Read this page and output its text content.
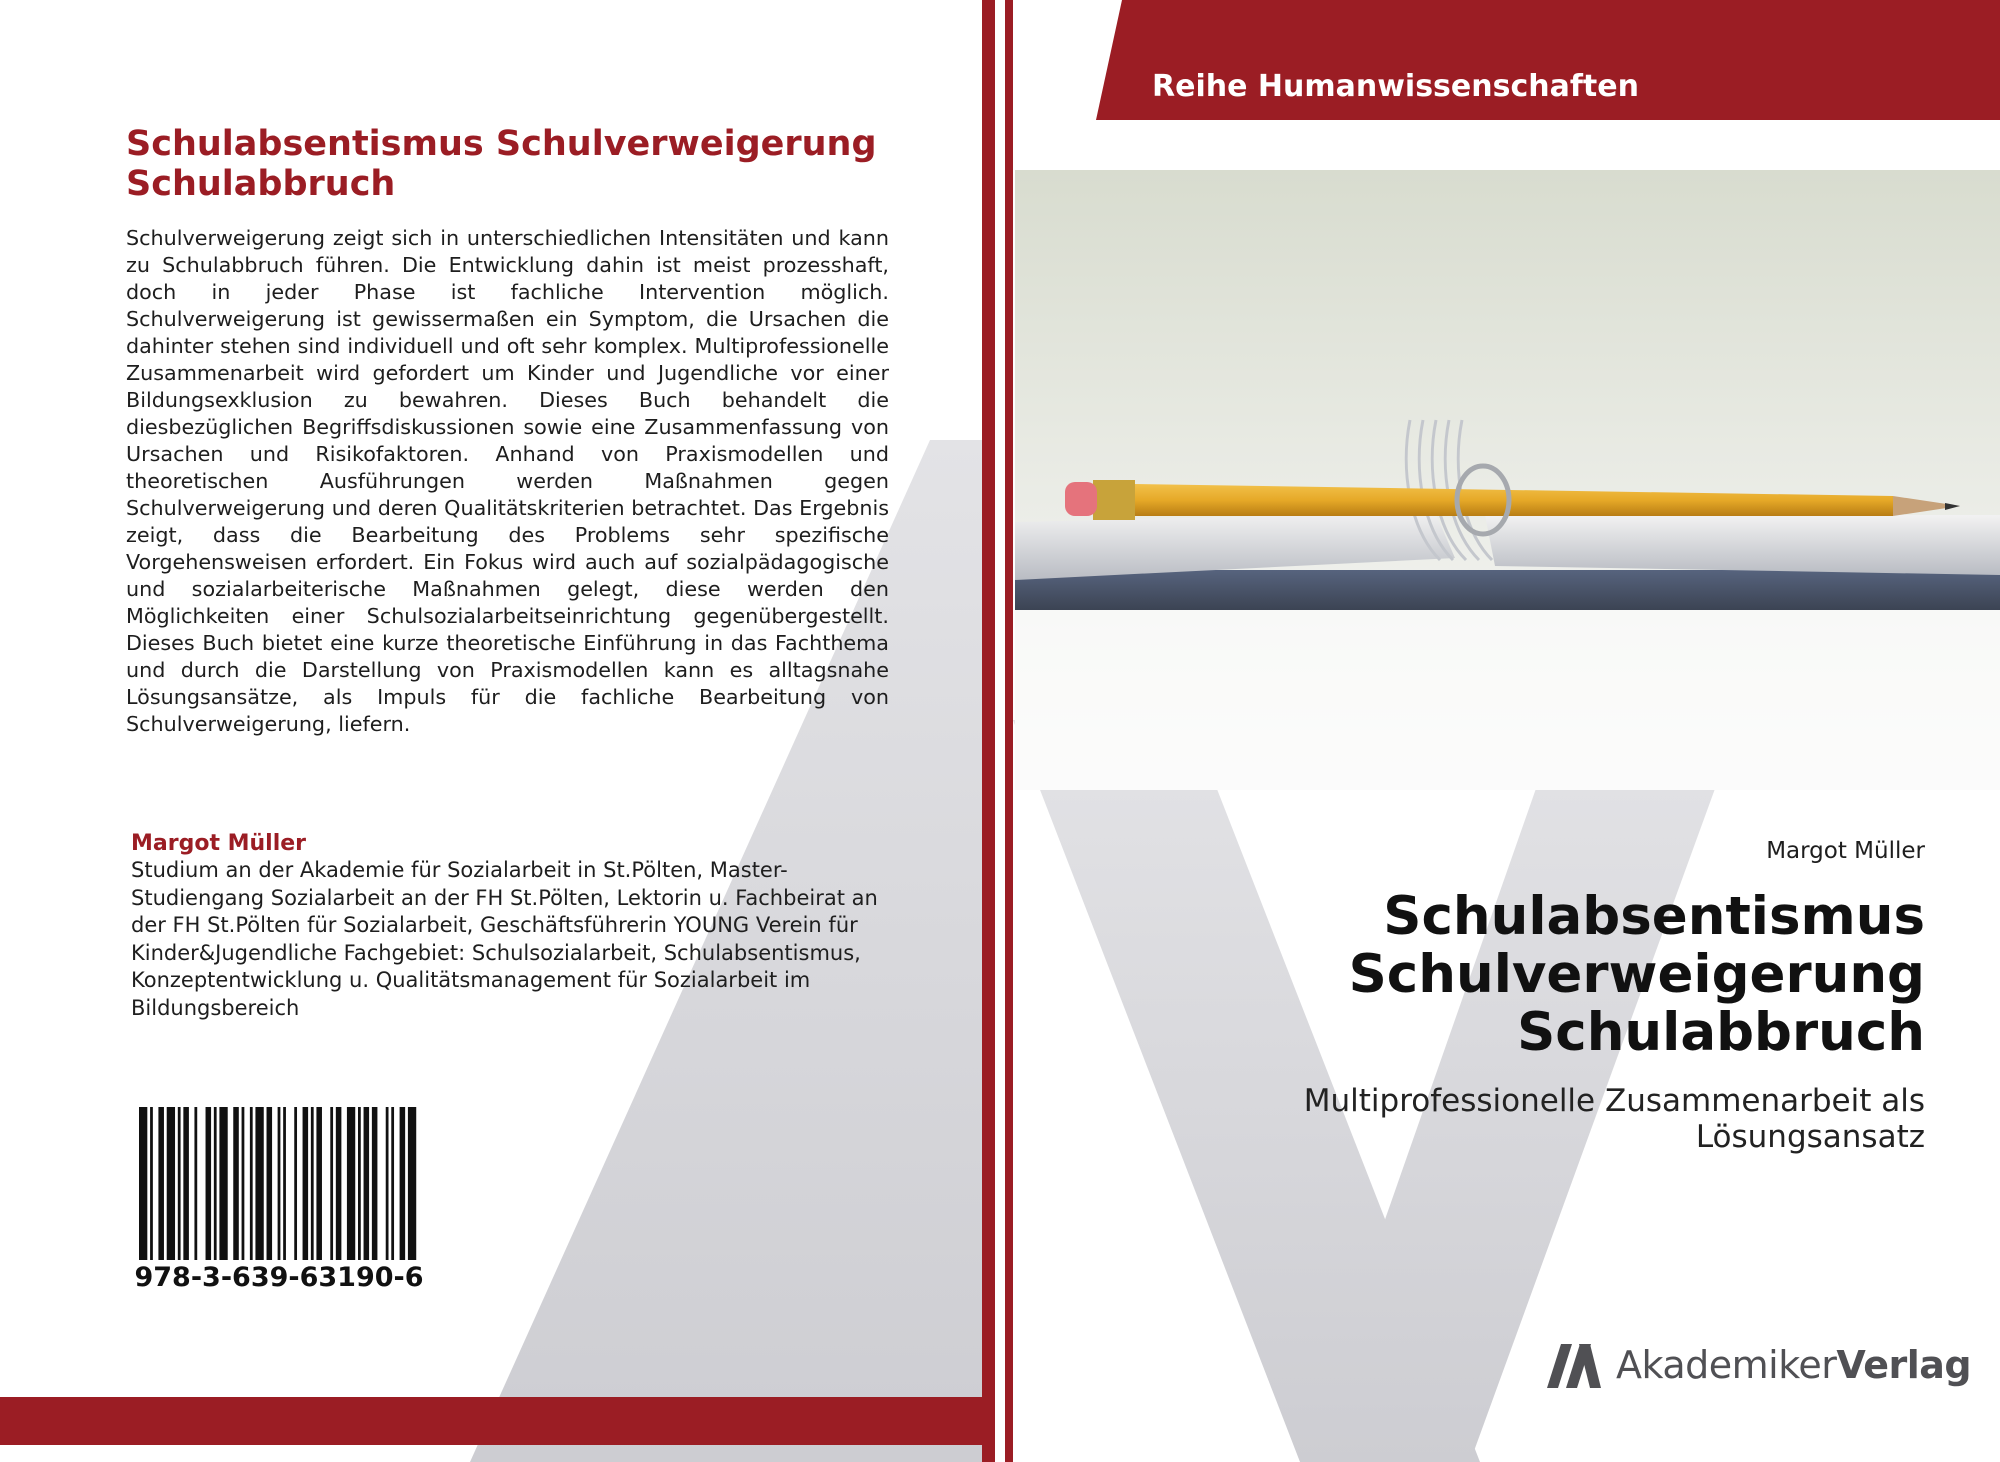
Schulabsentismus Schulverweigerung Schulabbruch
Schulverweigerung zeigt sich in unterschiedlichen Intensitäten und kann zu Schulabbruch führen. Die Entwicklung dahin ist meist prozesshaft, doch in jeder Phase ist fachliche Intervention möglich. Schulverweigerung ist gewissermaßen ein Symptom, die Ursachen die dahinter stehen sind individuell und oft sehr komplex. Multiprofessionelle Zusammenarbeit wird gefordert um Kinder und Jugendliche vor einer Bildungsexklusion zu bewahren. Dieses Buch behandelt die diesbezüglichen Begriffsdiskussionen sowie eine Zusammenfassung von Ursachen und Risikofaktoren. Anhand von Praxismodellen und theoretischen Ausführungen werden Maßnahmen gegen Schulverweigerung und deren Qualitätskriterien betrachtet. Das Ergebnis zeigt, dass die Bearbeitung des Problems sehr spezifische Vorgehensweisen erfordert. Ein Fokus wird auch auf sozialpädagogische und sozialarbeiterische Maßnahmen gelegt, diese werden den Möglichkeiten einer Schulsozialarbeitseinrichtung gegenübergestellt. Dieses Buch bietet eine kurze theoretische Einführung in das Fachthema und durch die Darstellung von Praxismodellen kann es alltagsnahe Lösungsansätze, als Impuls für die fachliche Bearbeitung von Schulverweigerung, liefern.
Margot Müller
Studium an der Akademie für Sozialarbeit in St.Pölten, Master-Studiengang Sozialarbeit an der FH St.Pölten, Lektorin u. Fachbeirat an der FH St.Pölten für Sozialarbeit, Geschäftsführerin YOUNG Verein für Kinder&Jugendliche Fachgebiet: Schulsozialarbeit, Schulabsentismus, Konzeptentwicklung u. Qualitätsmanagement für Sozialarbeit im Bildungsbereich
978-3-639-63190-6
Reihe Humanwissenschaften
Margot Müller
Schulabsentismus
Schulverweigerung
Schulabbruch
Multiprofessionelle Zusammenarbeit als
Lösungsansatz
AkademikerVerlag
